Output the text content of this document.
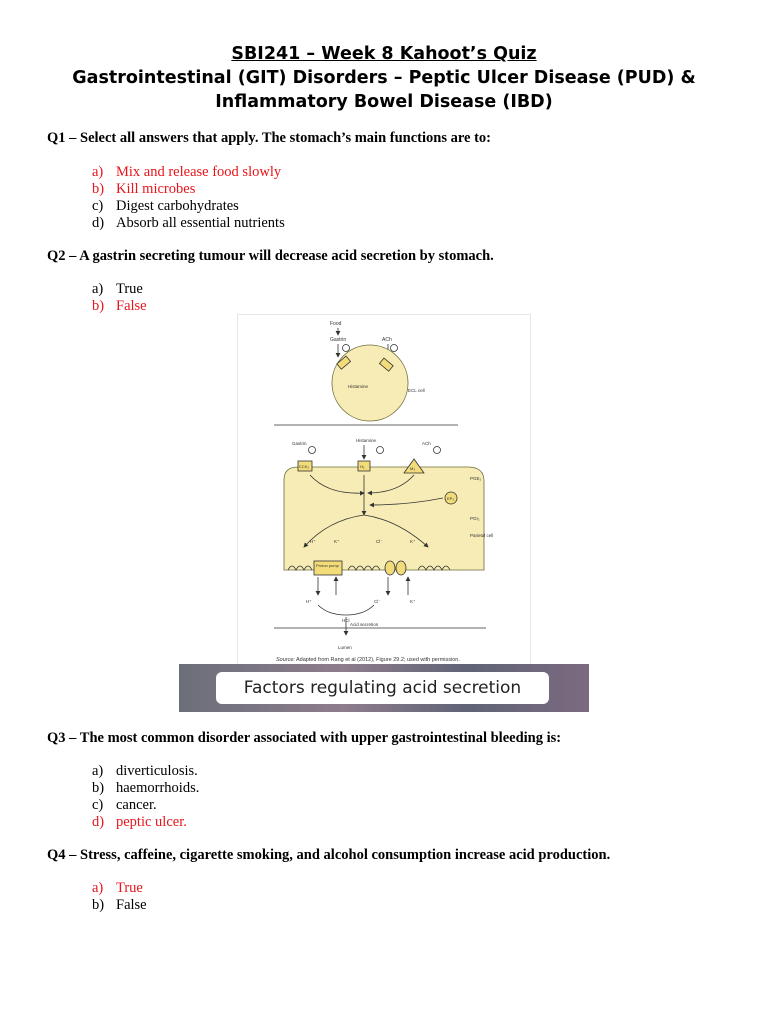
SBI241 – Week 8 Kahoot’s Quiz
Gastrointestinal (GIT) Disorders – Peptic Ulcer Disease (PUD) &
Inflammatory Bowel Disease (IBD)
Q1 – Select all answers that apply. The stomach’s main functions are to:
a) Mix and release food slowly
b) Kill microbes
c) Digest carbohydrates
d) Absorb all essential nutrients
Q2 – A gastrin secreting tumour will decrease acid secretion by stomach.
a) True
b) False
Food
Gastrin	ACh
Histamine
ECL cell
Histamine
Gastrin	ACh
CCK₂	H₂	M₃
EP₃
PGE₂
PGI₂
Parietal cell
Proton pump
H⁺	K⁺	Cl⁻	K⁺
H⁺	Cl⁻	K⁺
HCl
Acid secretion
Lumen
Source: Adapted from Rang et al (2012), Figure 29.2; used with permission.
Factors regulating acid secretion
Q3 – The most common disorder associated with upper gastrointestinal bleeding is:
a) diverticulosis.
b) haemorrhoids.
c) cancer.
d) peptic ulcer.
Q4 – Stress, caffeine, cigarette smoking, and alcohol consumption increase acid production.
a) True
b) False
